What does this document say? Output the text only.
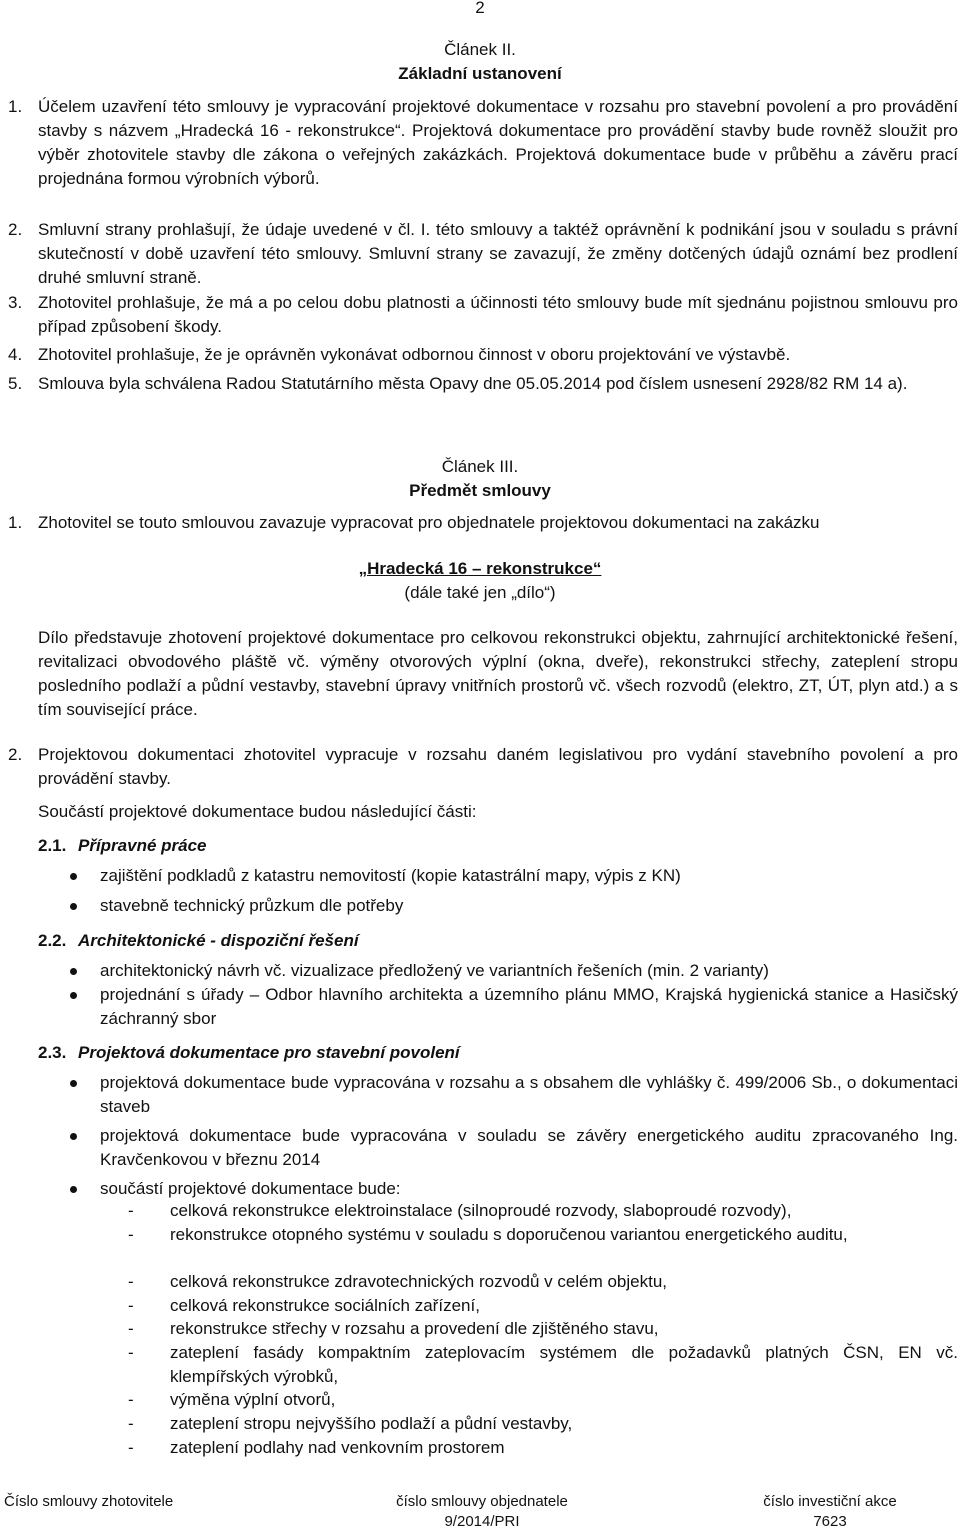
2
Článek II.
Základní ustanovení
1. Účelem uzavření této smlouvy je vypracování projektové dokumentace v rozsahu pro stavební povolení a pro provádění stavby s názvem „Hradecká 16 - rekonstrukce“. Projektová dokumentace pro provádění stavby bude rovněž sloužit pro výběr zhotovitele stavby dle zákona o veřejných zakázkách. Projektová dokumentace bude v průběhu a závěru prací projednána formou výrobních výborů.
2. Smluvní strany prohlašují, že údaje uvedené v čl. I. této smlouvy a taktéž oprávnění k podnikání jsou v souladu s právní skutečností v době uzavření této smlouvy. Smluvní strany se zavazují, že změny dotčených údajů oznámí bez prodlení druhé smluvní straně.
3. Zhotovitel prohlašuje, že má a po celou dobu platnosti a účinnosti této smlouvy bude mít sjednánu pojistnou smlouvu pro případ způsobení škody.
4. Zhotovitel prohlašuje, že je oprávněn vykonávat odbornou činnost v oboru projektování ve výstavbě.
5. Smlouva byla schválena Radou Statutárního města Opavy dne 05.05.2014 pod číslem usnesení 2928/82 RM 14 a).
Článek III.
Předmět smlouvy
1. Zhotovitel se touto smlouvou zavazuje vypracovat pro objednatele projektovou dokumentaci na zakázku
„Hradecká 16 – rekonstrukce“
(dále také jen „dílo“)
Dílo představuje zhotovení projektové dokumentace pro celkovou rekonstrukci objektu, zahrnující architektonické řešení, revitalizaci obvodového pláště vč. výměny otvorových výplní (okna, dveře), rekonstrukci střechy, zateplení stropu posledního podlaží a půdní vestavby, stavební úpravy vnitřních prostorů vč. všech rozvodů (elektro, ZT, ÚT, plyn atd.) a s tím související práce.
2. Projektovou dokumentaci zhotovitel vypracuje v rozsahu daném legislativou pro vydání stavebního povolení a pro provádění stavby.
Součástí projektové dokumentace budou následující části:
2.1. Přípravné práce
zajištění podkladů z katastru nemovitostí (kopie katastrální mapy, výpis z KN)
stavebně technický průzkum dle potřeby
2.2. Architektonické - dispoziční řešení
architektonický návrh vč. vizualizace předložený ve variantních řešeních (min. 2 varianty)
projednání s úřady – Odbor hlavního architekta a územního plánu MMO, Krajská hygienická stanice a Hasičský záchranný sbor
2.3. Projektová dokumentace pro stavební povolení
projektová dokumentace bude vypracována v rozsahu a s obsahem dle vyhlášky č. 499/2006 Sb., o dokumentaci staveb
projektová dokumentace bude vypracována v souladu se závěry energetického auditu zpracovaného Ing. Kravčenkovou v březnu 2014
součástí projektové dokumentace bude:
- celková rekonstrukce elektroinstalace (silnoproudé rozvody, slaboproudé rozvody),
- rekonstrukce otopného systému v souladu s doporučenou variantou energetického auditu,
- celková rekonstrukce zdravotechnických rozvodů v celém objektu,
- celková rekonstrukce sociálních zařízení,
- rekonstrukce střechy v rozsahu a provedení dle zjištěného stavu,
- zateplení fasády kompaktním zateplovacím systémem dle požadavků platných ČSN, EN vč. klempířských výrobků,
- výměna výplní otvorů,
- zateplení stropu nejvyššího podlaží a půdní vestavby,
- zateplení podlahy nad venkovním prostorem
Číslo smlouvy zhotovitele	číslo smlouvy objednatele
9/2014/PRI
číslo investiční akce
7623
